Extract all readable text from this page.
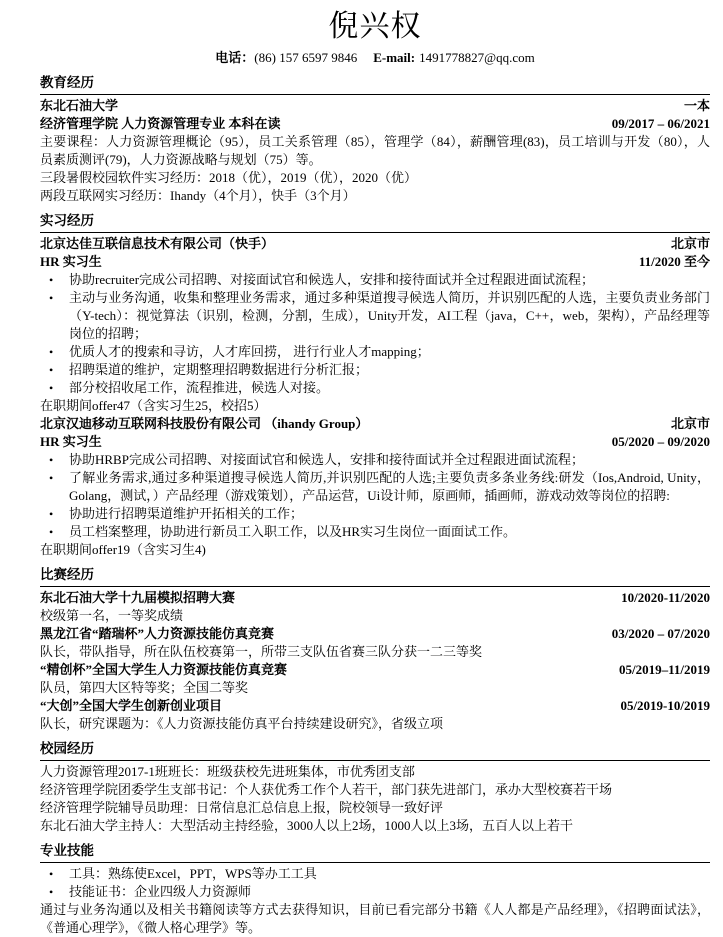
倪兴权
电话：(86) 157 6597 9846 E-mail: 1491778827@qq.com
教育经历
东北石油大学	一本
经济管理学院 人力资源管理专业 本科在读	09/2017 – 06/2021
主要课程：人力资源管理概论（95），员工关系管理（85），管理学（84），薪酬管理(83)，员工培训与开发（80），人员素质测评(79)，人力资源战略与规划（75）等。
三段暑假校园软件实习经历：2018（优），2019（优），2020（优）
两段互联网实习经历：Ihandy（4个月），快手（3个月）
实习经历
北京达佳互联信息技术有限公司（快手）	北京市
HR 实习生	11/2020 至今
•
协助recruiter完成公司招聘、对接面试官和候选人，安排和接待面试并全过程跟进面试流程；
•
主动与业务沟通，收集和整理业务需求，通过多种渠道搜寻候选人简历，并识别匹配的人选，主要负责业务部门（Y-tech）：视觉算法（识别，检测，分割，生成），Unity开发，AI工程（java，C++，web，架构），产品经理等岗位的招聘；
•
优质人才的搜索和寻访，人才库回捞， 进行行业人才mapping；
•
招聘渠道的维护，定期整理招聘数据进行分析汇报；
•
部分校招收尾工作，流程推进，候选人对接。
在职期间offer47（含实习生25，校招5）
北京汉迪移动互联网科技股份有限公司 （ihandy Group）	北京市
HR 实习生	05/2020 – 09/2020
•
协助HRBP完成公司招聘、对接面试官和候选人，安排和接待面试并全过程跟进面试流程；
•
了解业务需求,通过多种渠道搜寻候选人简历,并识别匹配的人选;主要负责多条业务线:研发（Ios,Android, Unity，Golang，测试，）产品经理（游戏策划），产品运营，Ui设计师，原画师，插画师，游戏动效等岗位的招聘:
•
协助进行招聘渠道维护开拓相关的工作；
•
员工档案整理，协助进行新员工入职工作，以及HR实习生岗位一面面试工作。
在职期间offer19（含实习生4)
比赛经历
东北石油大学十九届模拟招聘大赛	10/2020-11/2020
校级第一名，一等奖成绩
黑龙江省“踏瑞杯”人力资源技能仿真竞赛	03/2020 – 07/2020
队长，带队指导，所在队伍校赛第一，所带三支队伍省赛三队分获一二三等奖
“精创杯”全国大学生人力资源技能仿真竞赛	05/2019–11/2019
队员，第四大区特等奖；全国二等奖
“大创”全国大学生创新创业项目	05/2019-10/2019
队长，研究课题为：《人力资源技能仿真平台持续建设研究》，省级立项
校园经历
人力资源管理2017-1班班长：班级获校先进班集体，市优秀团支部
经济管理学院团委学生支部书记：个人获优秀工作个人若干，部门获先进部门，承办大型校赛若干场
经济管理学院辅导员助理：日常信息汇总信息上报，院校领导一致好评
东北石油大学主持人：大型活动主持经验，3000人以上2场，1000人以上3场，五百人以上若干
专业技能
•
工具：熟练使Excel，PPT，WPS等办工工具
•
技能证书：企业四级人力资源师
通过与业务沟通以及相关书籍阅读等方式去获得知识，目前已看完部分书籍《人人都是产品经理》，《招聘面试法》，《普通心理学》，《微人格心理学》等。
